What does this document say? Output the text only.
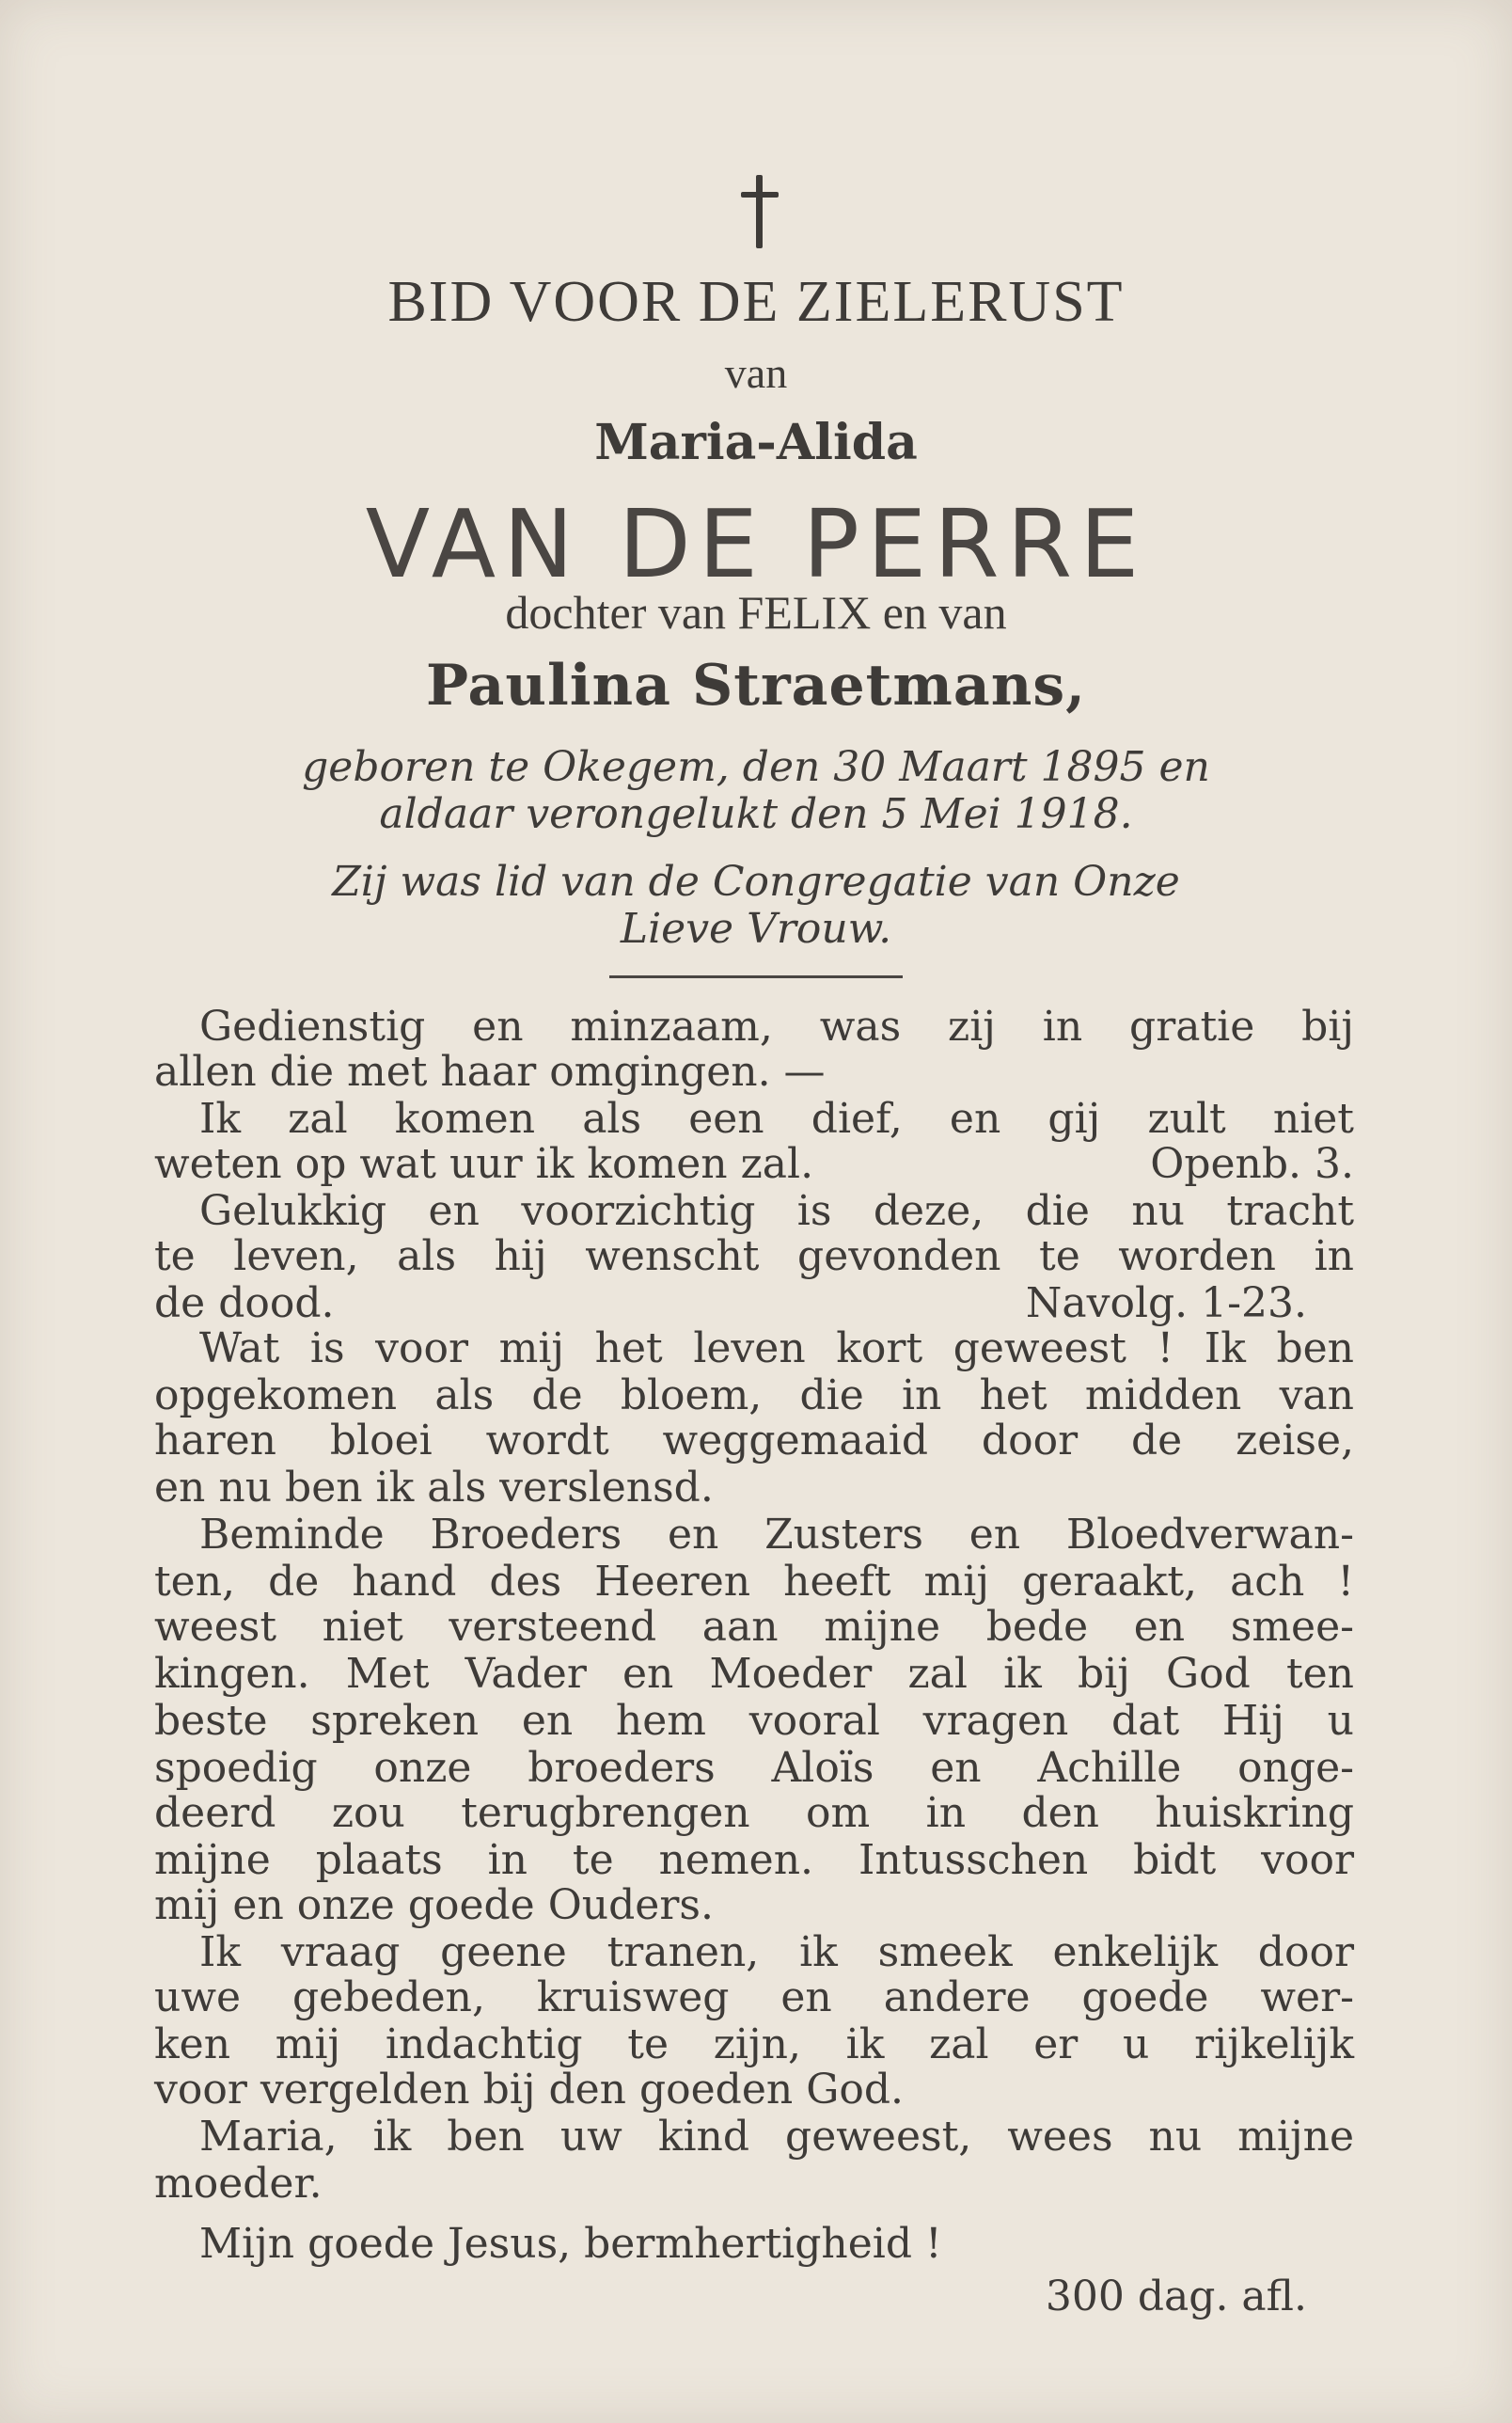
BID VOOR DE ZIELERUST
van
Maria-Alida
VAN DE PERRE
dochter van FELIX en van
Paulina Straetmans,
geboren te Okegem, den 30 Maart 1895 en
aldaar verongelukt den 5 Mei 1918.
Zij was lid van de Congregatie van Onze
Lieve Vrouw.
Gedienstig en minzaam, was zij in gratie bij
allen die met haar omgingen. —
Ik zal komen als een dief, en gij zult niet
weten op wat uur ik komen zal.	Openb. 3.
Gelukkig en voorzichtig is deze, die nu tracht
te leven, als hij wenscht gevonden te worden in
de dood.	Navolg. 1-23.
Wat is voor mij het leven kort geweest ! Ik ben
opgekomen als de bloem, die in het midden van
haren bloei wordt weggemaaid door de zeise,
en nu ben ik als verslensd.
Beminde Broeders en Zusters en Bloedverwan-
ten, de hand des Heeren heeft mij geraakt, ach !
weest niet versteend aan mijne bede en smee-
kingen. Met Vader en Moeder zal ik bij God ten
beste spreken en hem vooral vragen dat Hij u
spoedig onze broeders Aloïs en Achille onge-
deerd zou terugbrengen om in den huiskring
mijne plaats in te nemen. Intusschen bidt voor
mij en onze goede Ouders.
Ik vraag geene tranen, ik smeek enkelijk door
uwe gebeden, kruisweg en andere goede wer-
ken mij indachtig te zijn, ik zal er u rijkelijk
voor vergelden bij den goeden God.
Maria, ik ben uw kind geweest, wees nu mijne
moeder.
Mijn goede Jesus, bermhertigheid !
300 dag. afl.
